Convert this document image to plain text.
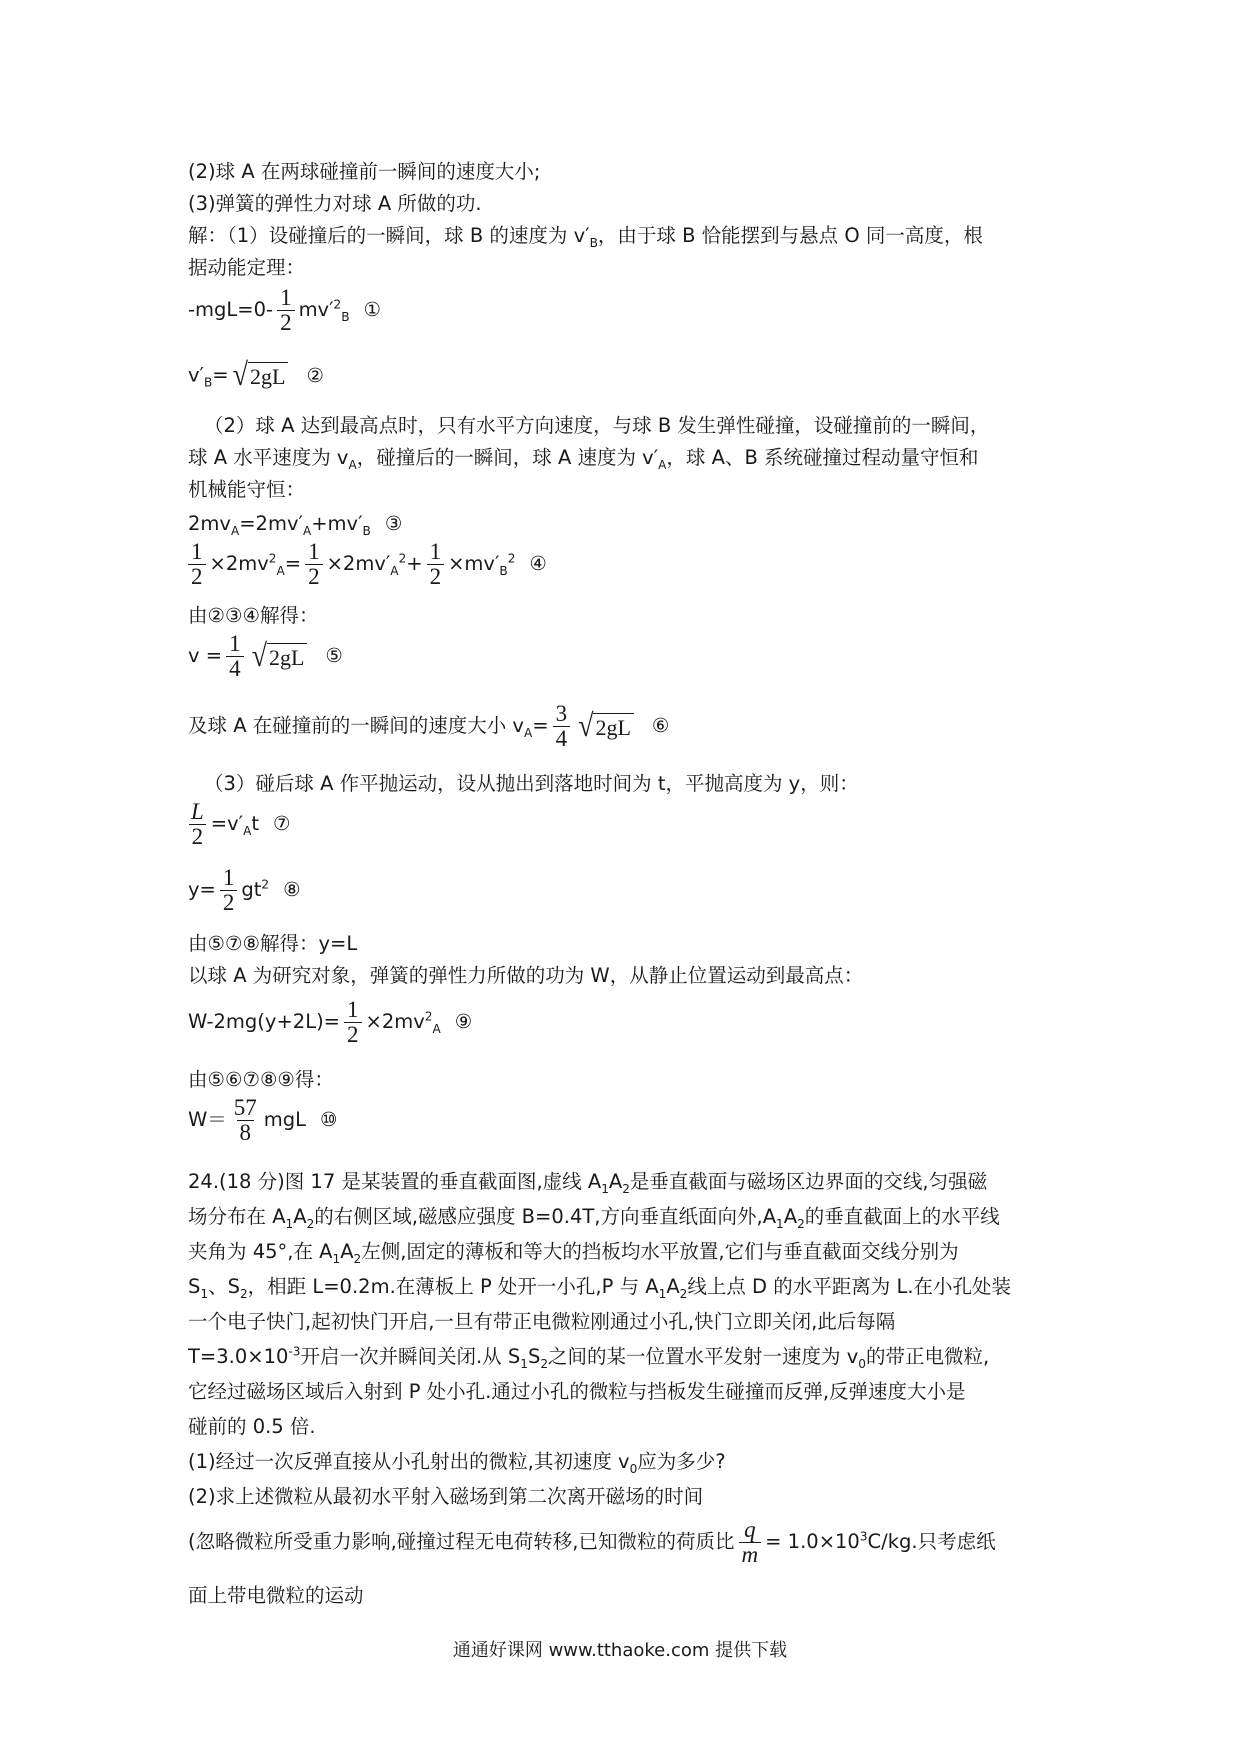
(2)球 A 在两球碰撞前一瞬间的速度大小;
(3)弹簧的弹性力对球 A 所做的功.
解：（1）设碰撞后的一瞬间，球 B 的速度为 $v'_B$，由于球 B 恰能摆到与悬点 O 同一高度，根
据动能定理：
$-mgL=0- \frac{1}{2} mv'^2_B$ ①
$v'_B=$ √ 2gL ②
（2）球 A 达到最高点时，只有水平方向速度，与球 B 发生弹性碰撞，设碰撞前的一瞬间，
球 A 水平速度为 $v_A$，碰撞后的一瞬间，球 A 速度为 $v'_A$，球 A、B 系统碰撞过程动量守恒和
机械能守恒：
$2mv_A=2mv'_A+mv'_B$ ③
$\frac{1}{2} \times 2mv^2_A= \frac{1}{2} \times 2mv'_A^2+ \frac{1}{2} \times mv'_B^2$ ④
由②③④解得：
$v = \frac{1}{4}$ √ 2gL ⑤
及球 A 在碰撞前的一瞬间的速度大小 $v_A= \frac{3}{4}$ √ 2gL ⑥
（3）碰后球 A 作平抛运动，设从抛出到落地时间为 t，平抛高度为 y，则：
$\frac{L}{2} =v'_At$ ⑦
$y= \frac{1}{2} gt^2$ ⑧
由⑤⑦⑧解得：y=L
以球 A 为研究对象，弹簧的弹性力所做的功为 W，从静止位置运动到最高点：
$W-2mg(y+2L)= \frac{1}{2} \times 2mv^2_A$ ⑨
由⑤⑥⑦⑧⑨得：
$W= \frac{57}{8}$ mgL ⑩
24.(18 分)图 17 是某装置的垂直截面图,虚线 $A_1A_2$是垂直截面与磁场区边界面的交线,匀强磁
场分布在 $A_1A_2$的右侧区域,磁感应强度 B=0.4T,方向垂直纸面向外$,A_1A_2$的垂直截面上的水平线
夹角为 45°,在 $A_1A_2$左侧,固定的薄板和等大的挡板均水平放置,它们与垂直截面交线分别为
$S_1$、$S_2$，相距 L=0.2m.在薄板上 P 处开一小孔,P 与 $A_1A_2$线上点 D 的水平距离为 L.在小孔处装
一个电子快门,起初快门开启,一旦有带正电微粒刚通过小孔,快门立即关闭,此后每隔
$T=3.0\times 10^{-3}$开启一次并瞬间关闭.从 $S_1S_2$之间的某一位置水平发射一速度为 $v_0$的带正电微粒,
它经过磁场区域后入射到 P 处小孔.通过小孔的微粒与挡板发生碰撞而反弹,反弹速度大小是
碰前的 0.5 倍.
(1)经过一次反弹直接从小孔射出的微粒,其初速度 $v_0$应为多少?
(2)求上述微粒从最初水平射入磁场到第二次离开磁场的时间
(忽略微粒所受重力影响,碰撞过程无电荷转移,已知微粒的荷质比 $\frac{q}{m} = 1.0\times 10^3C/kg$.只考虑纸
面上带电微粒的运动
通通好课网 www.tthaoke.com 提供下载
